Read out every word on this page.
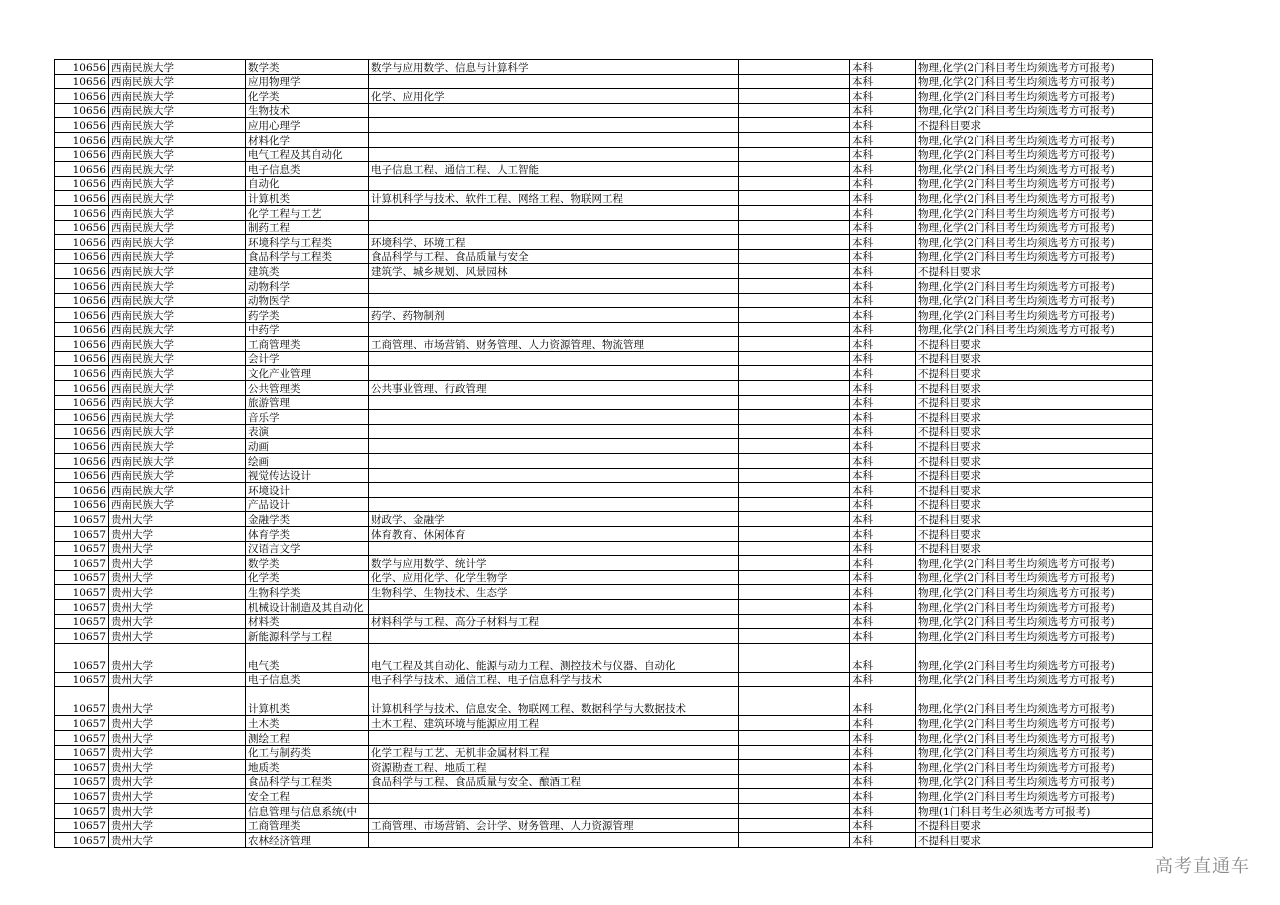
10656	西南民族大学	数学类	数学与应用数学、信息与计算科学		本科	物理,化学(2门科目考生均须选考方可报考)
10656	西南民族大学	应用物理学			本科	物理,化学(2门科目考生均须选考方可报考)
10656	西南民族大学	化学类	化学、应用化学		本科	物理,化学(2门科目考生均须选考方可报考)
10656	西南民族大学	生物技术			本科	物理,化学(2门科目考生均须选考方可报考)
10656	西南民族大学	应用心理学			本科	不提科目要求
10656	西南民族大学	材料化学			本科	物理,化学(2门科目考生均须选考方可报考)
10656	西南民族大学	电气工程及其自动化			本科	物理,化学(2门科目考生均须选考方可报考)
10656	西南民族大学	电子信息类	电子信息工程、通信工程、人工智能		本科	物理,化学(2门科目考生均须选考方可报考)
10656	西南民族大学	自动化			本科	物理,化学(2门科目考生均须选考方可报考)
10656	西南民族大学	计算机类	计算机科学与技术、软件工程、网络工程、物联网工程		本科	物理,化学(2门科目考生均须选考方可报考)
10656	西南民族大学	化学工程与工艺			本科	物理,化学(2门科目考生均须选考方可报考)
10656	西南民族大学	制药工程			本科	物理,化学(2门科目考生均须选考方可报考)
10656	西南民族大学	环境科学与工程类	环境科学、环境工程		本科	物理,化学(2门科目考生均须选考方可报考)
10656	西南民族大学	食品科学与工程类	食品科学与工程、食品质量与安全		本科	物理,化学(2门科目考生均须选考方可报考)
10656	西南民族大学	建筑类	建筑学、城乡规划、风景园林		本科	不提科目要求
10656	西南民族大学	动物科学			本科	物理,化学(2门科目考生均须选考方可报考)
10656	西南民族大学	动物医学			本科	物理,化学(2门科目考生均须选考方可报考)
10656	西南民族大学	药学类	药学、药物制剂		本科	物理,化学(2门科目考生均须选考方可报考)
10656	西南民族大学	中药学			本科	物理,化学(2门科目考生均须选考方可报考)
10656	西南民族大学	工商管理类	工商管理、市场营销、财务管理、人力资源管理、物流管理		本科	不提科目要求
10656	西南民族大学	会计学			本科	不提科目要求
10656	西南民族大学	文化产业管理			本科	不提科目要求
10656	西南民族大学	公共管理类	公共事业管理、行政管理		本科	不提科目要求
10656	西南民族大学	旅游管理			本科	不提科目要求
10656	西南民族大学	音乐学			本科	不提科目要求
10656	西南民族大学	表演			本科	不提科目要求
10656	西南民族大学	动画			本科	不提科目要求
10656	西南民族大学	绘画			本科	不提科目要求
10656	西南民族大学	视觉传达设计			本科	不提科目要求
10656	西南民族大学	环境设计			本科	不提科目要求
10656	西南民族大学	产品设计			本科	不提科目要求
10657	贵州大学	金融学类	财政学、金融学		本科	不提科目要求
10657	贵州大学	体育学类	体育教育、休闲体育		本科	不提科目要求
10657	贵州大学	汉语言文学			本科	不提科目要求
10657	贵州大学	数学类	数学与应用数学、统计学		本科	物理,化学(2门科目考生均须选考方可报考)
10657	贵州大学	化学类	化学、应用化学、化学生物学		本科	物理,化学(2门科目考生均须选考方可报考)
10657	贵州大学	生物科学类	生物科学、生物技术、生态学		本科	物理,化学(2门科目考生均须选考方可报考)
10657	贵州大学	机械设计制造及其自动化			本科	物理,化学(2门科目考生均须选考方可报考)
10657	贵州大学	材料类	材料科学与工程、高分子材料与工程		本科	物理,化学(2门科目考生均须选考方可报考)
10657	贵州大学	新能源科学与工程			本科	物理,化学(2门科目考生均须选考方可报考)
10657	贵州大学	电气类	电气工程及其自动化、能源与动力工程、测控技术与仪器、自动化		本科	物理,化学(2门科目考生均须选考方可报考)
10657	贵州大学	电子信息类	电子科学与技术、通信工程、电子信息科学与技术		本科	物理,化学(2门科目考生均须选考方可报考)
10657	贵州大学	计算机类	计算机科学与技术、信息安全、物联网工程、数据科学与大数据技术		本科	物理,化学(2门科目考生均须选考方可报考)
10657	贵州大学	土木类	土木工程、建筑环境与能源应用工程		本科	物理,化学(2门科目考生均须选考方可报考)
10657	贵州大学	测绘工程			本科	物理,化学(2门科目考生均须选考方可报考)
10657	贵州大学	化工与制药类	化学工程与工艺、无机非金属材料工程		本科	物理,化学(2门科目考生均须选考方可报考)
10657	贵州大学	地质类	资源勘查工程、地质工程		本科	物理,化学(2门科目考生均须选考方可报考)
10657	贵州大学	食品科学与工程类	食品科学与工程、食品质量与安全、酿酒工程		本科	物理,化学(2门科目考生均须选考方可报考)
10657	贵州大学	安全工程			本科	物理,化学(2门科目考生均须选考方可报考)
10657	贵州大学	信息管理与信息系统(中			本科	物理(1门科目考生必须选考方可报考)
10657	贵州大学	工商管理类	工商管理、市场营销、会计学、财务管理、人力资源管理		本科	不提科目要求
10657	贵州大学	农林经济管理			本科	不提科目要求
高考直通车
